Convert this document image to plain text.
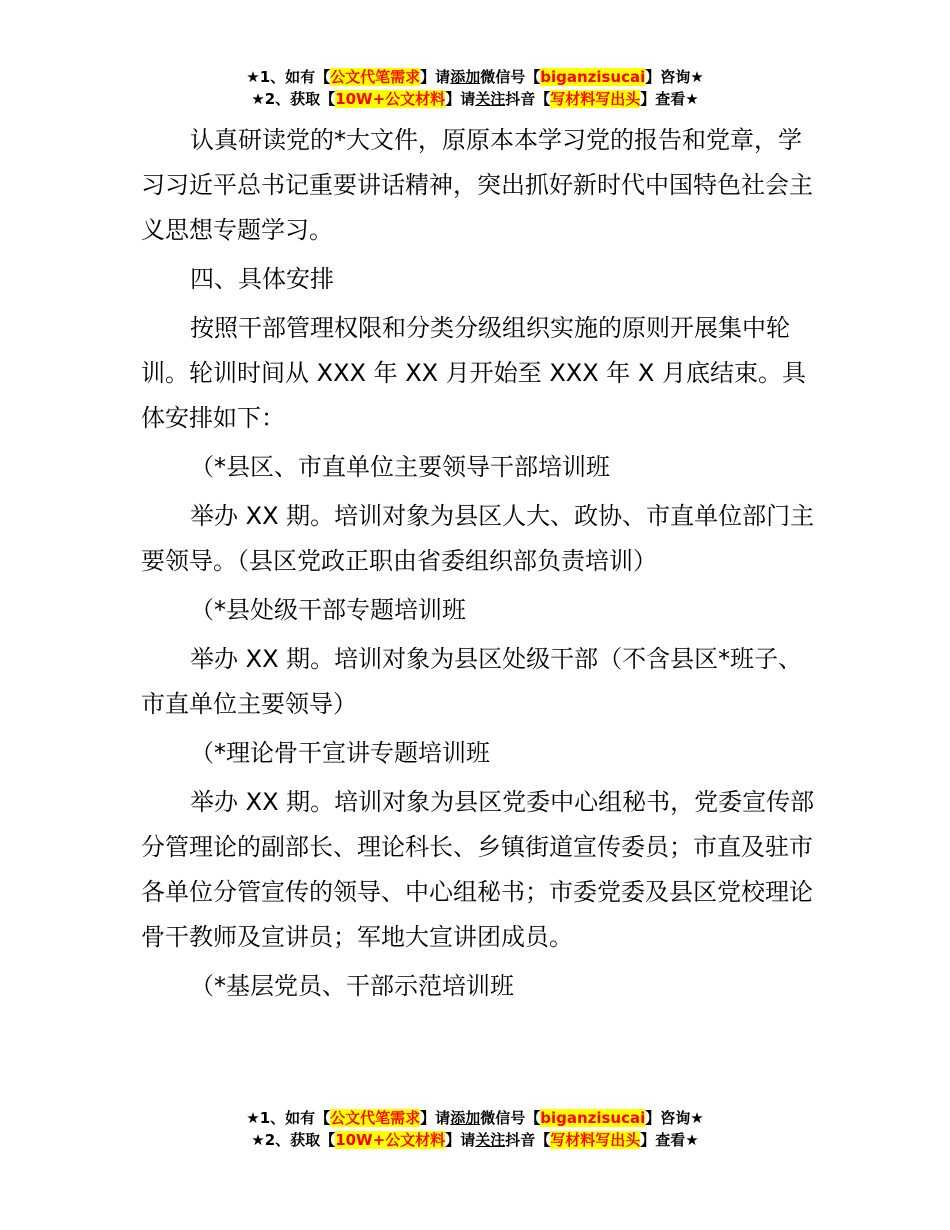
★1、如有【公文代笔需求】请添加微信号【biganzisucai】咨询★
★2、获取【10W+公文材料】请关注抖音【写材料写出头】查看★

认真研读党的*大文件，原原本本学习党的报告和党章，学习习近平总书记重要讲话精神，突出抓好新时代中国特色社会主义思想专题学习。

四、具体安排

按照干部管理权限和分类分级组织实施的原则开展集中轮训。轮训时间从 XXX 年 XX 月开始至 XXX 年 X 月底结束。具体安排如下：

（*县区、市直单位主要领导干部培训班

举办 XX 期。培训对象为县区人大、政协、市直单位部门主要领导。（县区党政正职由省委组织部负责培训）

（*县处级干部专题培训班

举办 XX 期。培训对象为县区处级干部（不含县区*班子、市直单位主要领导）

（*理论骨干宣讲专题培训班

举办 XX 期。培训对象为县区党委中心组秘书，党委宣传部分管理论的副部长、理论科长、乡镇街道宣传委员；市直及驻市各单位分管宣传的领导、中心组秘书；市委党委及县区党校理论骨干教师及宣讲员；军地大宣讲团成员。

（*基层党员、干部示范培训班

★1、如有【公文代笔需求】请添加微信号【biganzisucai】咨询★
★2、获取【10W+公文材料】请关注抖音【写材料写出头】查看★
